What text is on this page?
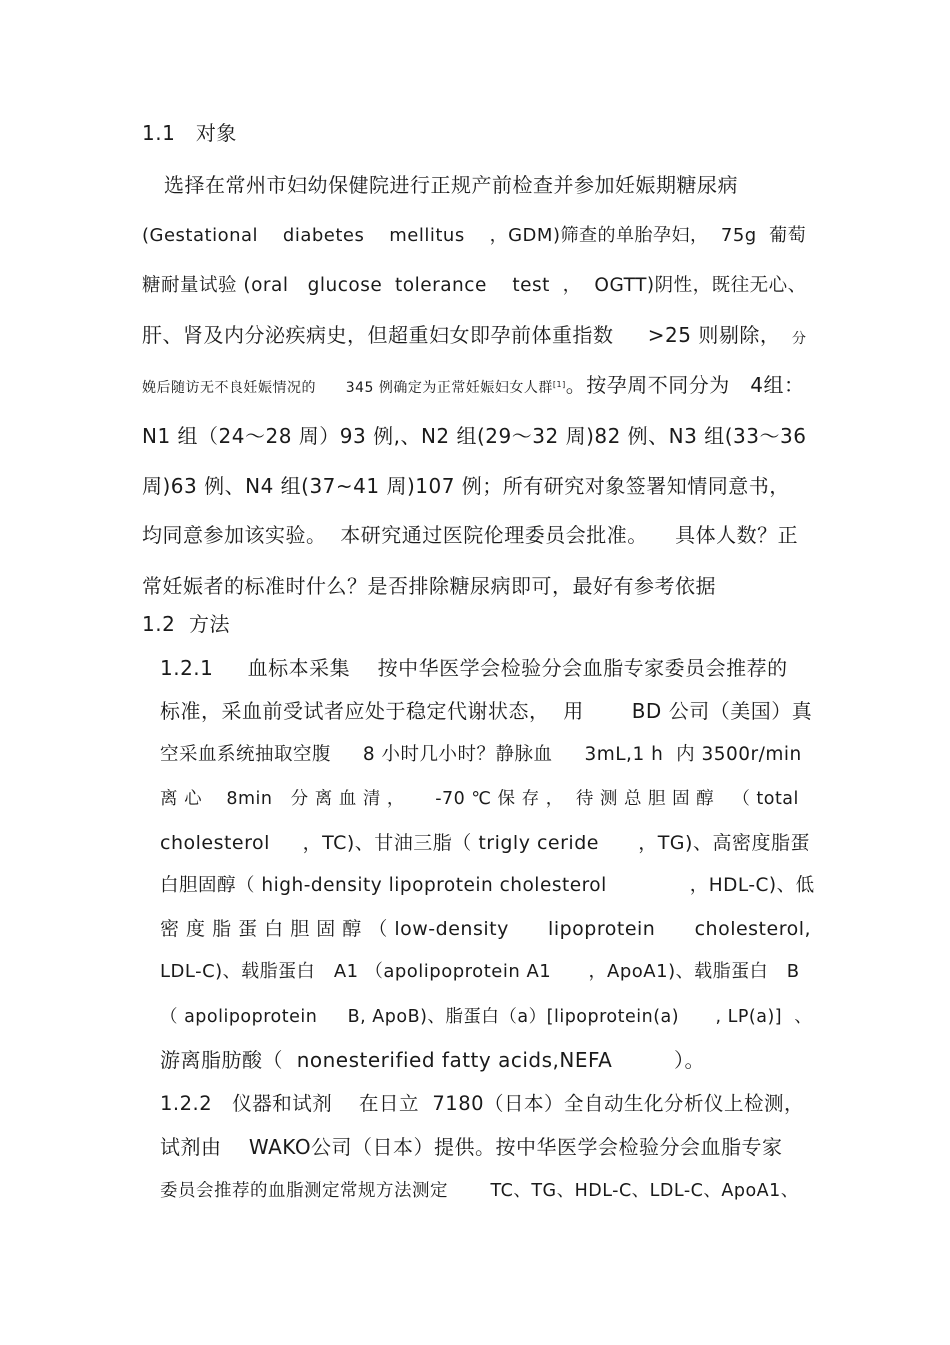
1.1   对象
选择在常州市妇幼保健院进行正规产前检查并参加妊娠期糖尿病
(Gestational    diabetes    mellitus    ，GDM)筛查的单胎孕妇，  75g  葡萄
糖耐量试验 (oral   glucose  tolerance    test  ，  OGTT)阴性，既往无心、
肝、肾及内分泌疾病史，但超重妇女即孕前体重指数     >25 则剔除， 分
娩后随访无不良妊娠情况的      345 例确定为正常妊娠妇女人群[1]。按孕周不同分为   4组：
N1 组（24～28 周）93 例,、N2 组(29～32 周)82 例、N3 组(33～36
周)63 例、N4 组(37~41 周)107 例；所有研究对象签署知情同意书，
均同意参加该实验。  本研究通过医院伦理委员会批准。    具体人数？正
常妊娠者的标准时什么？是否排除糖尿病即可，最好有参考依据
1.2  方法
1.2.1     血标本采集    按中华医学会检验分会血脂专家委员会推荐的
标准，采血前受试者应处于稳定代谢状态，  用       BD 公司（美国）真
空采血系统抽取空腹     8 小时几小时？静脉血     3mL,1 h  内 3500r/min
离 心    8min   分 离 血 清 ，     -70 ℃ 保 存 ，  待 测 总 胆 固 醇   （ total
cholesterol     ，TC)、甘油三脂（ trigly ceride      ，TG)、高密度脂蛋
白胆固醇（ high-density lipoprotein cholesterol             ，HDL-C)、低
密 度 脂 蛋 白 胆 固 醇 （ low-density      lipoprotein      cholesterol,
LDL-C)、载脂蛋白   A1 （apolipoprotein A1      ，ApoA1)、载脂蛋白   B
（ apolipoprotein     B, ApoB)、脂蛋白（a）[lipoprotein(a)      , LP(a)]  、
游离脂肪酸（  nonesterified fatty acids,NEFA         ）。
1.2.2   仪器和试剂    在日立  7180（日本）全自动生化分析仪上检测，
试剂由    WAKO公司（日本）提供。按中华医学会检验分会血脂专家
委员会推荐的血脂测定常规方法测定       TC、TG、HDL-C、LDL-C、ApoA1、
